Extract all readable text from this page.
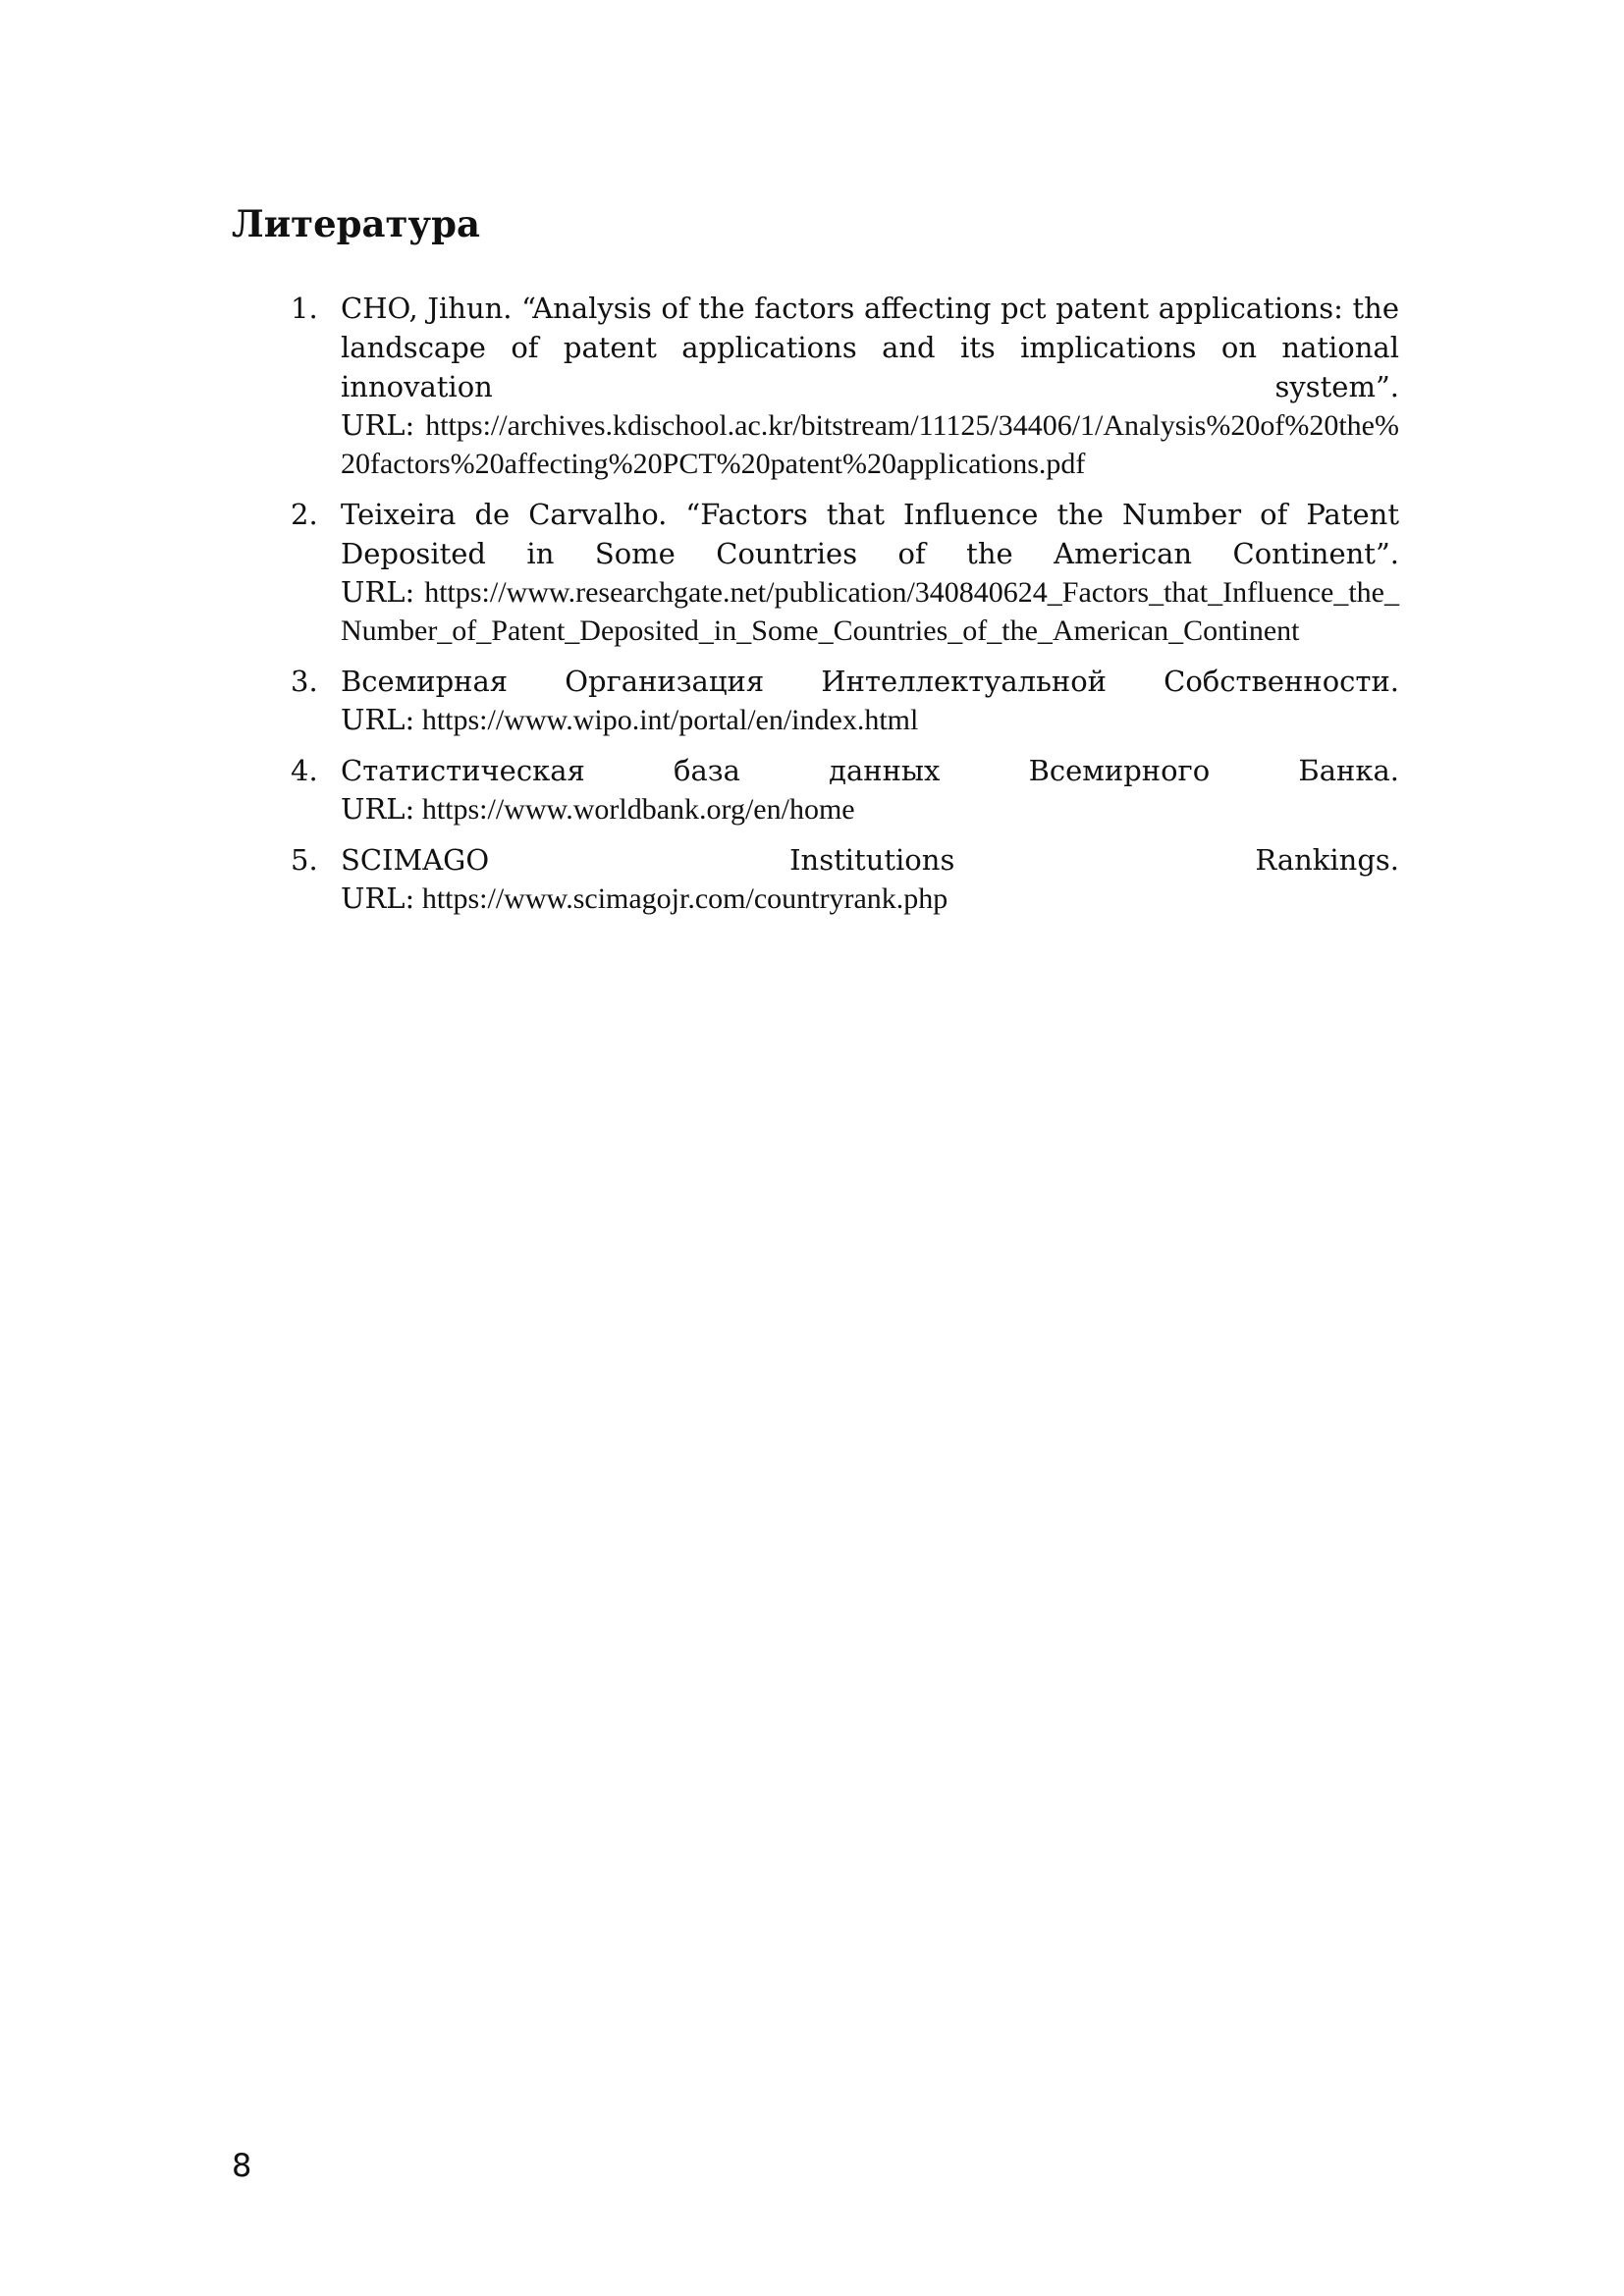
Литература
1. CHO, Jihun. “Analysis of the factors affecting pct patent applications: the landscape of patent applications and its implications on national innovation system”.
URL: https://archives.kdischool.ac.kr/bitstream/11125/34406/1/Analysis%20of%20the%20factors%20affecting%20PCT%20patent%20applications.pdf
2. Teixeira de Carvalho. “Factors that Influence the Number of Patent Deposited in Some Countries of the American Continent”.
URL: https://www.researchgate.net/publication/340840624_Factors_that_Influence_the_Number_of_Patent_Deposited_in_Some_Countries_of_the_American_Continent
3. Всемирная Организация Интеллектуальной Собственности.
URL: https://www.wipo.int/portal/en/index.html
4. Статистическая база данных Всемирного Банка.
URL: https://www.worldbank.org/en/home
5. SCIMAGO Institutions Rankings.
URL: https://www.scimagojr.com/countryrank.php
8
